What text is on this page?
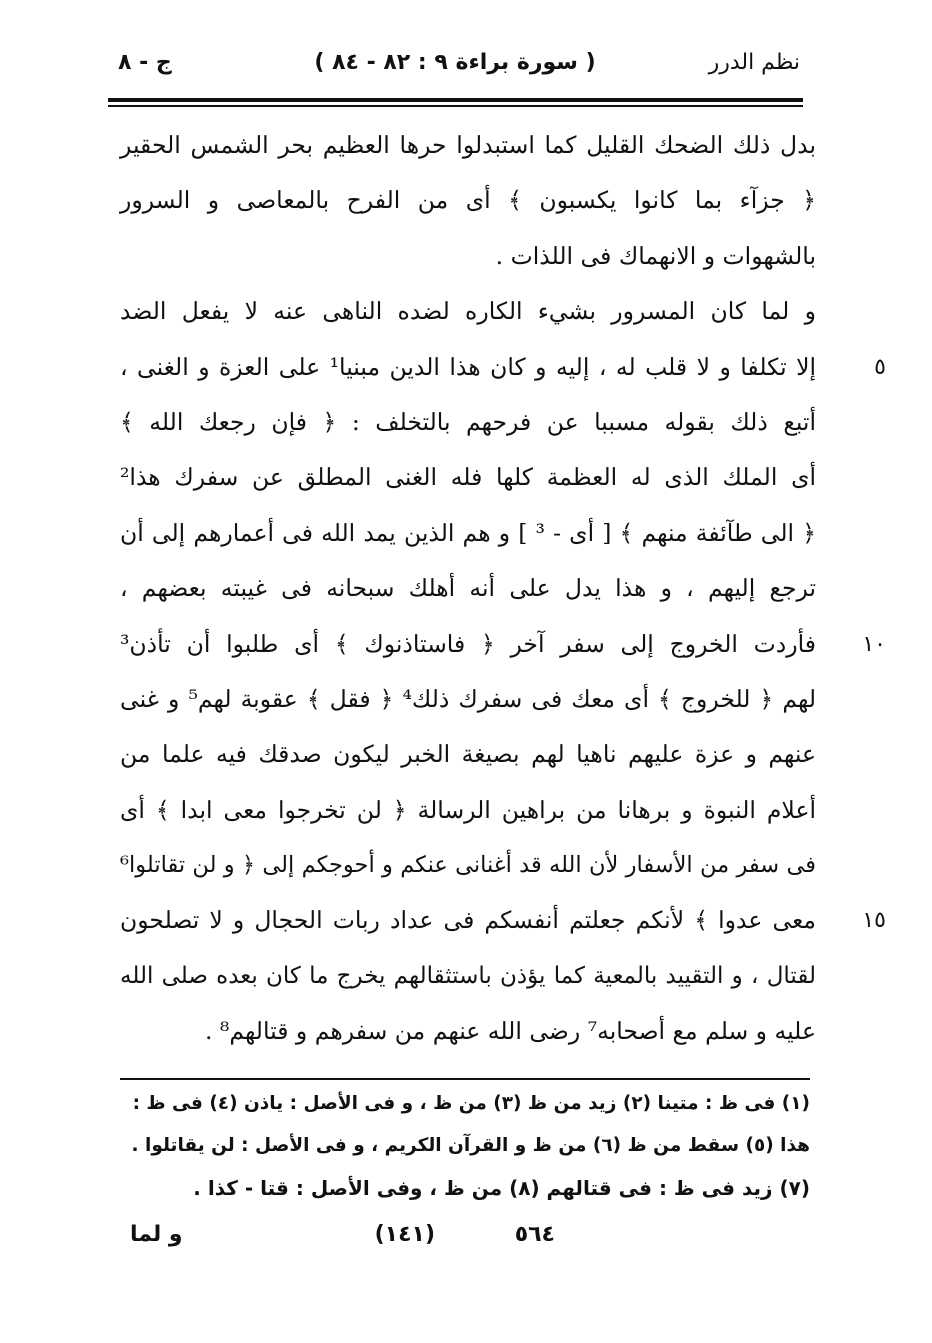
نظم الدرر
( سورة براءة ٩ : ٨٢ - ٨٤ )
ج - ٨
بدل ذلك الضحك القليل كما استبدلوا حرها العظيم بحر الشمس الحقير
﴿ جزآء بما كانوا يكسبون ﴾ أى من الفرح بالمعاصى و السرور
بالشهوات و الانهماك فى اللذات .
و لما كان المسرور بشيء الكاره لضده الناهى عنه لا يفعل الضد
٥
إلا تكلفا و لا قلب له ، إليه و كان هذا الدين مبنيا¹ على العزة و الغنى ،
أتبع ذلك بقوله مسببا عن فرحهم بالتخلف : ﴿ فإن رجعك الله ﴾
أى الملك الذى له العظمة كلها فله الغنى المطلق عن سفرك هذا²
﴿ الى طآئفة منهم ﴾ [ أى - ³ ] و هم الذين يمد الله فى أعمارهم إلى أن
ترجع إليهم ، و هذا يدل على أنه أهلك سبحانه فى غيبته بعضهم ،
١٠
فأردت الخروج إلى سفر آخر ﴿ فاستاذنوك ﴾ أى طلبوا أن تأذن³
لهم ﴿ للخروج ﴾ أى معك فى سفرك ذلك⁴ ﴿ فقل ﴾ عقوبة لهم⁵ و غنى
عنهم و عزة عليهم ناهيا لهم بصيغة الخبر ليكون صدقك فيه علما من
أعلام النبوة و برهانا من براهين الرسالة ﴿ لن تخرجوا معى ابدا ﴾ أى
فى سفر من الأسفار لأن الله قد أغنانى عنكم و أحوجكم إلى ﴿ و لن تقاتلوا⁶
١٥
معى عدوا ﴾ لأنكم جعلتم أنفسكم فى عداد ربات الحجال و لا تصلحون
لقتال ، و التقييد بالمعية كما يؤذن باستثقالهم يخرج ما كان بعده صلى الله
عليه و سلم مع أصحابه⁷ رضى الله عنهم من سفرهم و قتالهم⁸ .
(١) فى ظ : متينا (٢) زيد من ظ (٣) من ظ ، و فى الأصل : ياذن (٤) فى ظ :
هذا (٥) سقط من ظ (٦) من ظ و القرآن الكريم ، و فى الأصل : لن يقاتلوا .
(٧) زيد فى ظ : فى قتالهم (٨) من ظ ، وفى الأصل : قتا - كذا .
٥٦٤
(١٤١)
و لما
